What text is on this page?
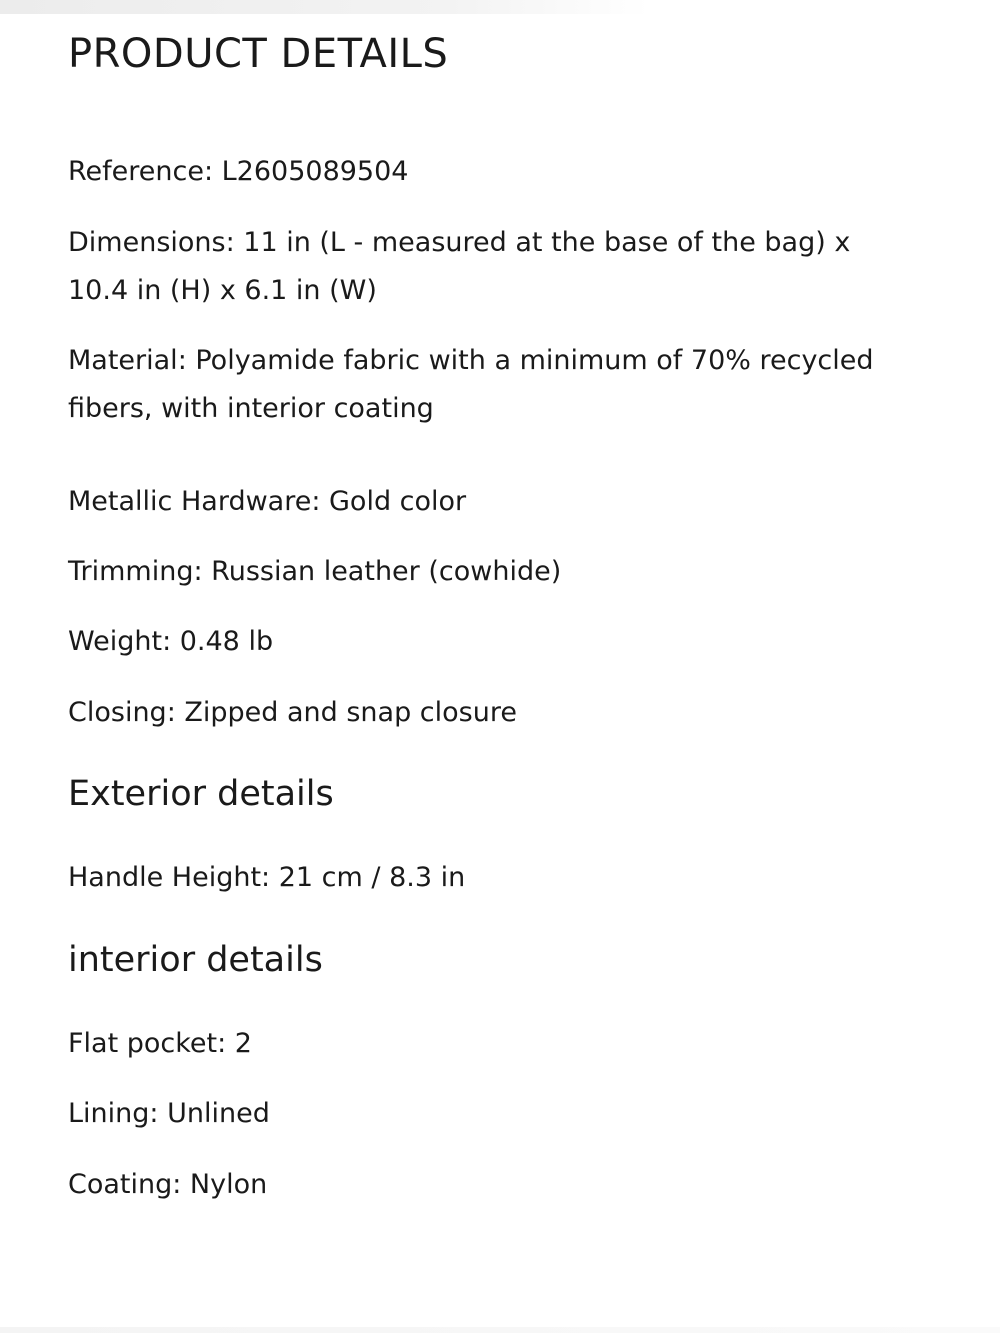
PRODUCT DETAILS

Reference: L2605089504

Dimensions: 11 in (L - measured at the base of the bag) x 10.4 in (H) x 6.1 in (W)

Material: Polyamide fabric with a minimum of 70% recycled fibers, with interior coating

Metallic Hardware: Gold color

Trimming: Russian leather (cowhide)

Weight: 0.48 lb

Closing: Zipped and snap closure

Exterior details

Handle Height: 21 cm / 8.3 in

interior details

Flat pocket: 2

Lining: Unlined

Coating: Nylon
